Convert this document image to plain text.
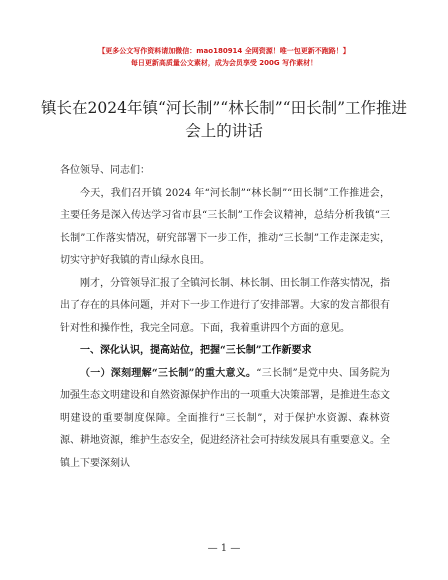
【更多公文写作资料请加微信：mao180914 全网资源！唯一包更新不跑路！】
每日更新高质量公文素材，成为会员享受 200G 写作素材！
镇长在2024年镇“河长制”“林长制”“田长制”工作推进会上的讲话

各位领导、同志们：

今天，我们召开镇 2024 年“河长制”“林长制”“田长制”工作推进会，主要任务是深入传达学习省市县“三长制”工作会议精神，总结分析我镇“三长制”工作落实情况，研究部署下一步工作，推动“三长制”工作走深走实，切实守护好我镇的青山绿水良田。

刚才，分管领导汇报了全镇河长制、林长制、田长制工作落实情况，指出了存在的具体问题，并对下一步工作进行了安排部署。大家的发言都很有针对性和操作性，我完全同意。下面，我着重讲四个方面的意见。

一、深化认识，提高站位，把握“三长制”工作新要求

（一）深刻理解“三长制”的重大意义。“三长制”是党中央、国务院为加强生态文明建设和自然资源保护作出的一项重大决策部署，是推进生态文明建设的重要制度保障。全面推行“三长制”，对于保护水资源、森林资源、耕地资源，维护生态安全，促进经济社会可持续发展具有重要意义。全镇上下要深刻认

— 1 —
